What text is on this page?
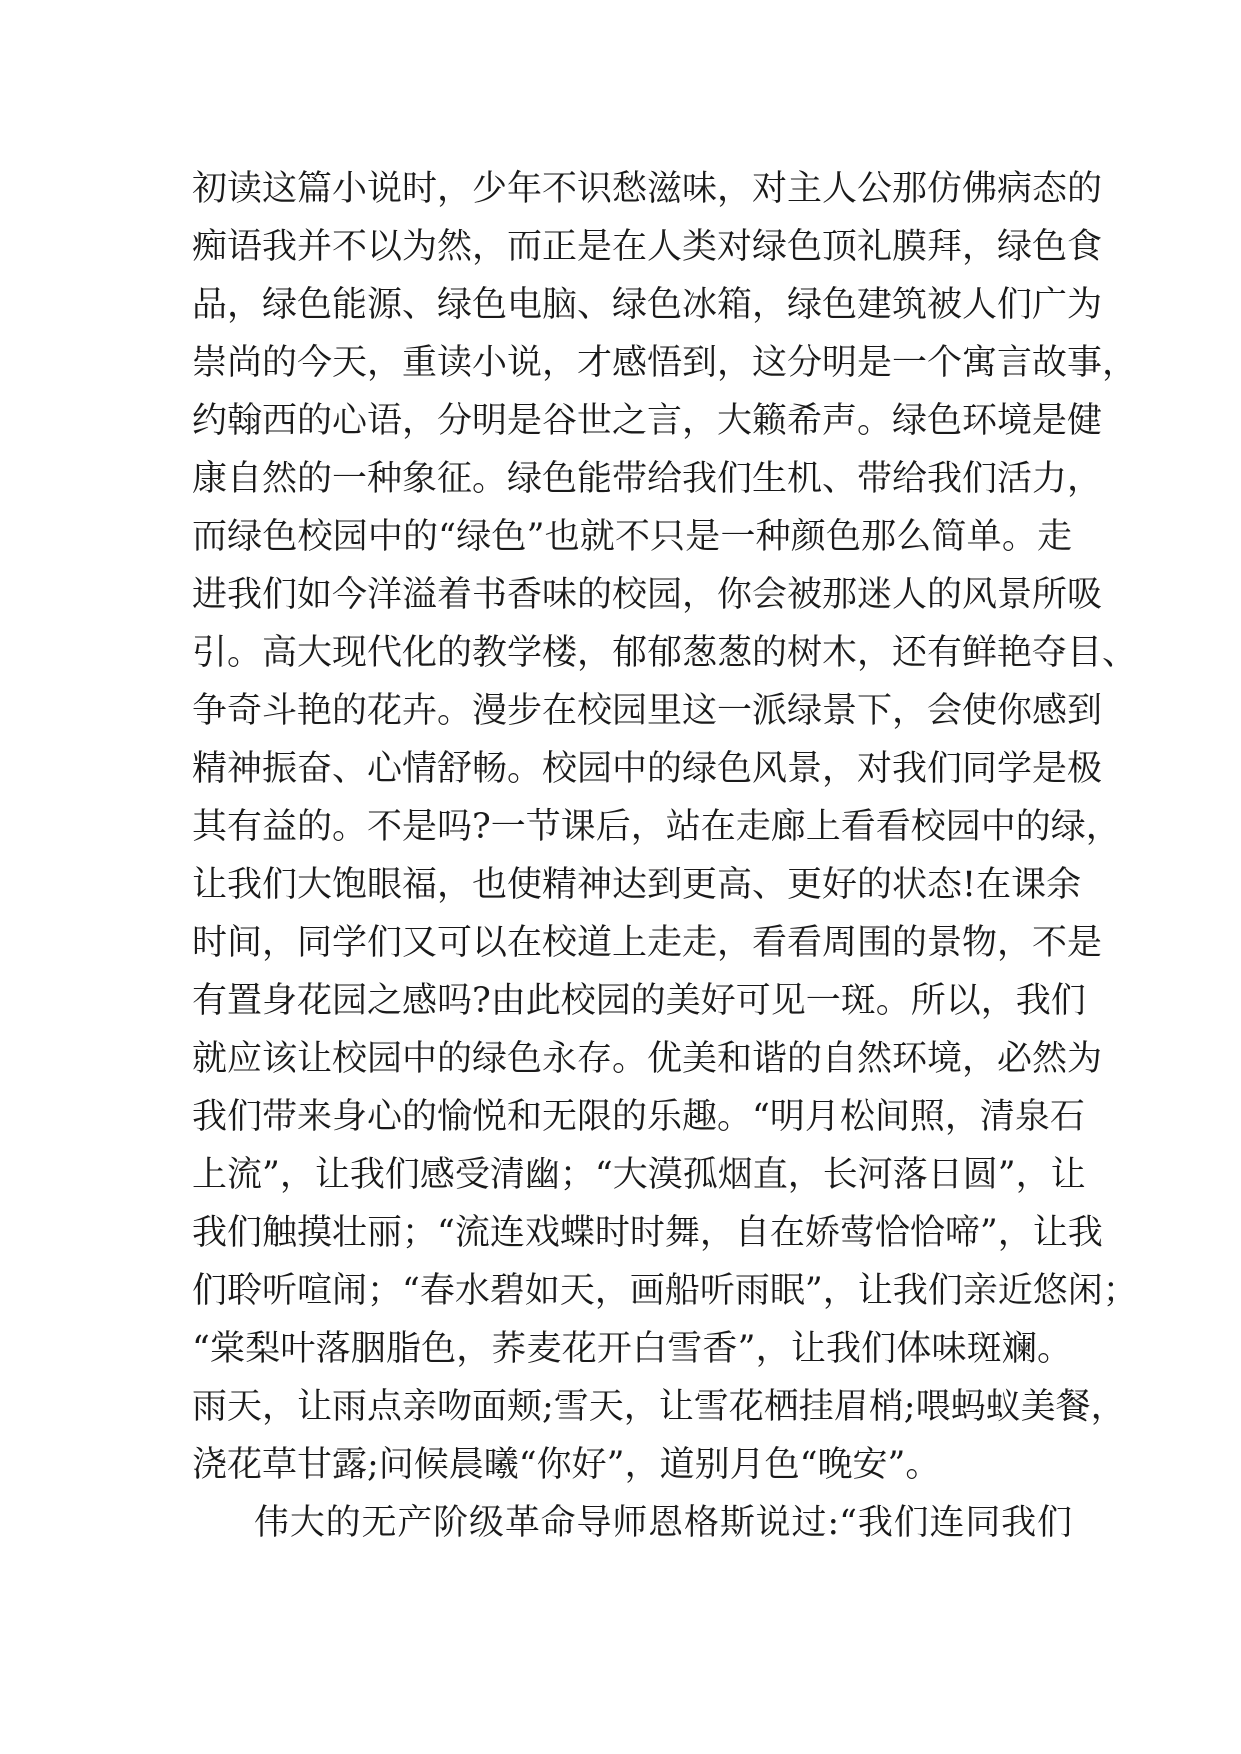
初读这篇小说时，少年不识愁滋味，对主人公那仿佛病态的
痴语我并不以为然，而正是在人类对绿色顶礼膜拜，绿色食
品，绿色能源、绿色电脑、绿色冰箱，绿色建筑被人们广为
崇尚的今天，重读小说，才感悟到，这分明是一个寓言故事，
约翰西的心语，分明是谷世之言，大籁希声。绿色环境是健
康自然的一种象征。绿色能带给我们生机、带给我们活力，
而绿色校园中的“绿色”也就不只是一种颜色那么简单。走
进我们如今洋溢着书香味的校园，你会被那迷人的风景所吸
引。高大现代化的教学楼，郁郁葱葱的树木，还有鲜艳夺目、
争奇斗艳的花卉。漫步在校园里这一派绿景下，会使你感到
精神振奋、心情舒畅。校园中的绿色风景，对我们同学是极
其有益的。不是吗?一节课后，站在走廊上看看校园中的绿，
让我们大饱眼福，也使精神达到更高、更好的状态!在课余
时间，同学们又可以在校道上走走，看看周围的景物，不是
有置身花园之感吗?由此校园的美好可见一斑。所以，我们
就应该让校园中的绿色永存。优美和谐的自然环境，必然为
我们带来身心的愉悦和无限的乐趣。“明月松间照，清泉石
上流”，让我们感受清幽；“大漠孤烟直，长河落日圆”，让
我们触摸壮丽；“流连戏蝶时时舞，自在娇莺恰恰啼”，让我
们聆听喧闹；“春水碧如天，画船听雨眠”，让我们亲近悠闲；
“棠梨叶落胭脂色，荞麦花开白雪香”，让我们体味斑斓。
雨天，让雨点亲吻面颊;雪天，让雪花栖挂眉梢;喂蚂蚁美餐，
浇花草甘露;问候晨曦“你好”，道别月色“晚安”。
伟大的无产阶级革命导师恩格斯说过:“我们连同我们
